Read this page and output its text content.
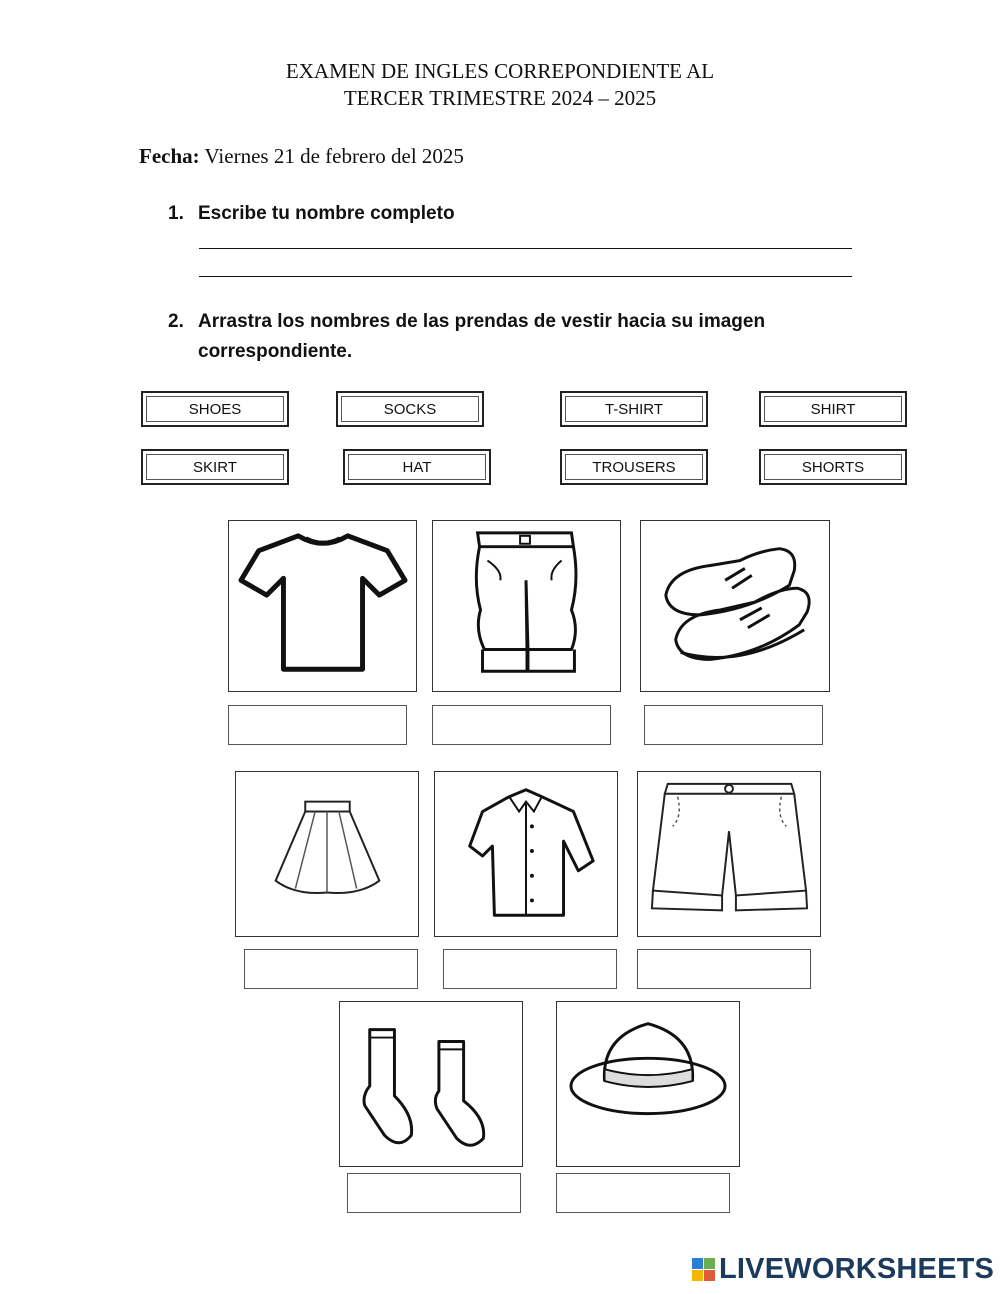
EXAMEN DE INGLES CORREPONDIENTE AL
TERCER TRIMESTRE 2024 – 2025
Fecha: Viernes 21 de febrero del 2025
1. Escribe tu nombre completo
2. Arrastra los nombres de las prendas de vestir hacia su imagen correspondiente.
SHOES	SOCKS	T-SHIRT	SHIRT
SKIRT	HAT	TROUSERS	SHORTS
LIVEWORKSHEETS
